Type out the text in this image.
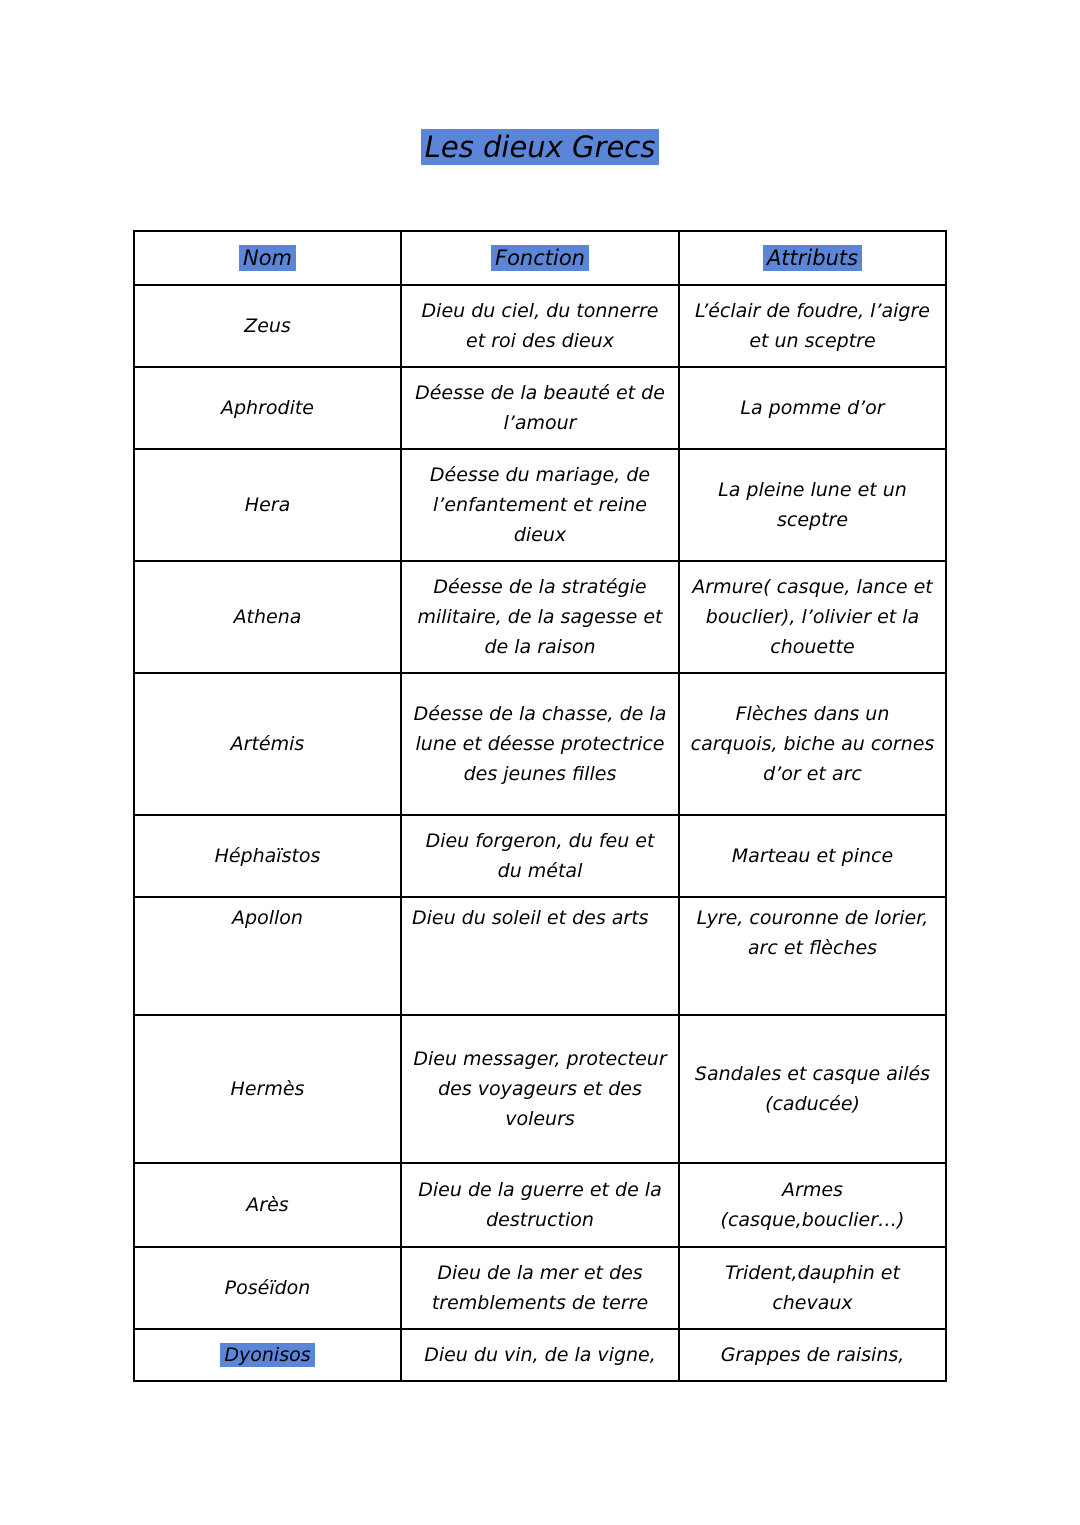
Les dieux Grecs
Nom	Fonction	Attributs
Zeus	Dieu du ciel, du tonnerre et roi des dieux	L’éclair de foudre, l’aigre et un sceptre
Aphrodite	Déesse de la beauté et de l’amour	La pomme d’or
Hera	Déesse du mariage, de l’enfantement et reine dieux	La pleine lune et un sceptre
Athena	Déesse de la stratégie militaire, de la sagesse et de la raison	Armure( casque, lance et bouclier), l’olivier et la chouette
Artémis	Déesse de la chasse, de la lune et déesse protectrice des jeunes filles	Flèches dans un carquois, biche au cornes d’or et arc
Héphaïstos	Dieu forgeron, du feu et du métal	Marteau et pince
Apollon	Dieu du soleil et des arts	Lyre, couronne de lorier, arc et flèches
Hermès	Dieu messager, protecteur des voyageurs et des voleurs	Sandales et casque ailés (caducée)
Arès	Dieu de la guerre et de la destruction	Armes (casque,bouclier…)
Poséïdon	Dieu de la mer et des tremblements de terre	Trident,dauphin et chevaux
Dyonisos	Dieu du vin, de la vigne,	Grappes de raisins,
